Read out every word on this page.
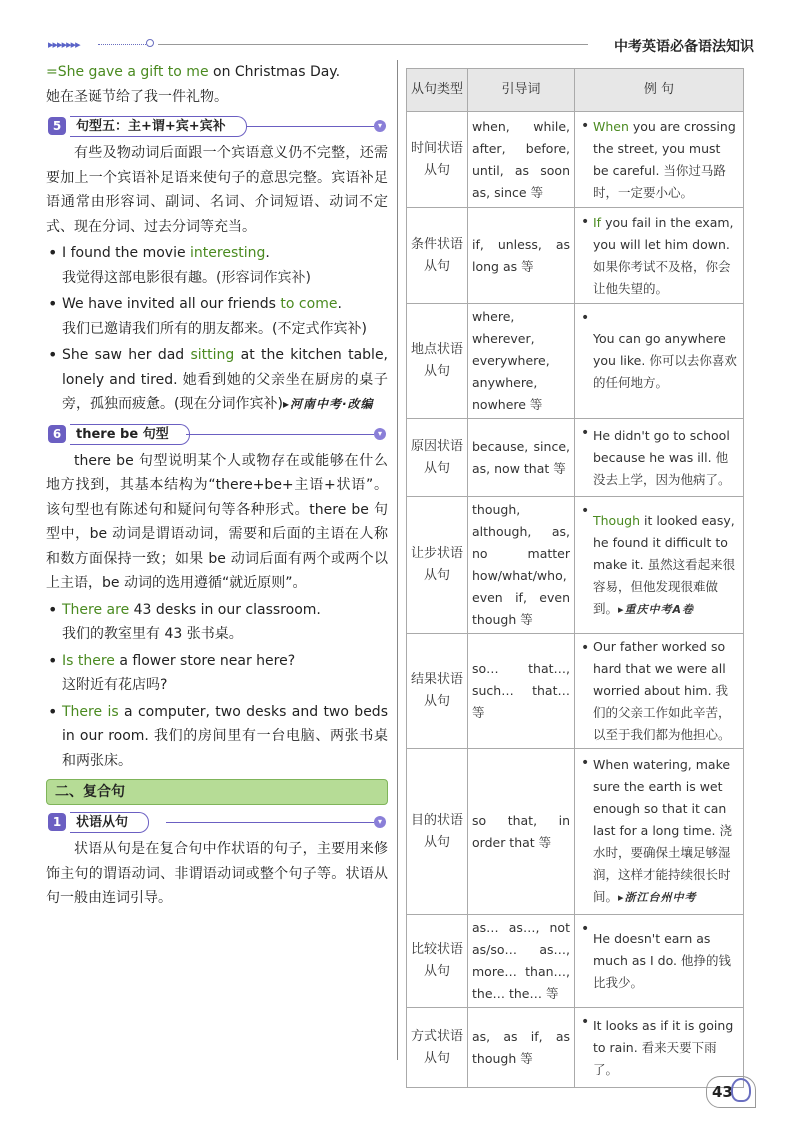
▸▸▸▸▸▸▸	中考英语必备语法知识

=She gave a gift to me on Christmas Day.

她在圣诞节给了我一件礼物。

5	句型五：主+谓+宾+宾补	▾

有些及物动词后面跟一个宾语意义仍不完整，还需要加上一个宾语补足语来使句子的意思完整。宾语补足语通常由形容词、副词、名词、介词短语、动词不定式、现在分词、过去分词等充当。

• I found the movie interesting.

我觉得这部电影很有趣。(形容词作宾补)

• We have invited all our friends to come.

我们已邀请我们所有的朋友都来。(不定式作宾补)

• She saw her dad sitting at the kitchen table, lonely and tired. 她看到她的父亲坐在厨房的桌子旁，孤独而疲惫。(现在分词作宾补)▸河南中考·改编

6	there be 句型	▾

there be 句型说明某个人或物存在或能够在什么地方找到，其基本结构为“there+be+主语+状语”。该句型也有陈述句和疑问句等各种形式。there be 句型中，be 动词是谓语动词，需要和后面的主语在人称和数方面保持一致；如果 be 动词后面有两个或两个以上主语，be 动词的选用遵循“就近原则”。

• There are 43 desks in our classroom.

我们的教室里有 43 张书桌。

• Is there a flower store near here?

这附近有花店吗?

• There is a computer, two desks and two beds in our room. 我们的房间里有一台电脑、两张书桌和两张床。

二、复合句
1	状语从句	▾

状语从句是在复合句中作状语的句子，主要用来修饰主句的谓语动词、非谓语动词或整个句子等。状语从句一般由连词引导。

从句类型	引导词	例 句
时间状语从句	when, while, after, before, until, as soon as, since 等	• When you are crossing the street, you must be careful. 当你过马路时，一定要小心。
条件状语从句	if, unless, as long as 等	• If you fail in the exam, you will let him down. 如果你考试不及格，你会让他失望的。
地点状语从句	where, wherever, everywhere, anywhere, nowhere 等	• You can go anywhere you like. 你可以去你喜欢的任何地方。
原因状语从句	because, since, as, now that 等	• He didn't go to school because he was ill. 他没去上学，因为他病了。
让步状语从句	though, although, as, no matter how/what/who, even if, even though 等	• Though it looked easy, he found it difficult to make it. 虽然这看起来很容易，但他发现很难做到。▸重庆中考A卷
结果状语从句	so… that…, such… that… 等	• Our father worked so hard that we were all worried about him. 我们的父亲工作如此辛苦，以至于我们都为他担心。
目的状语从句	so that, in order that 等	• When watering, make sure the earth is wet enough so that it can last for a long time. 浇水时，要确保土壤足够湿润，这样才能持续很长时间。▸浙江台州中考
比较状语从句	as… as…, not as/so… as…, more… than…, the… the… 等	• He doesn't earn as much as I do. 他挣的钱比我少。
方式状语从句	as, as if, as though 等	• It looks as if it is going to rain. 看来天要下雨了。
43
